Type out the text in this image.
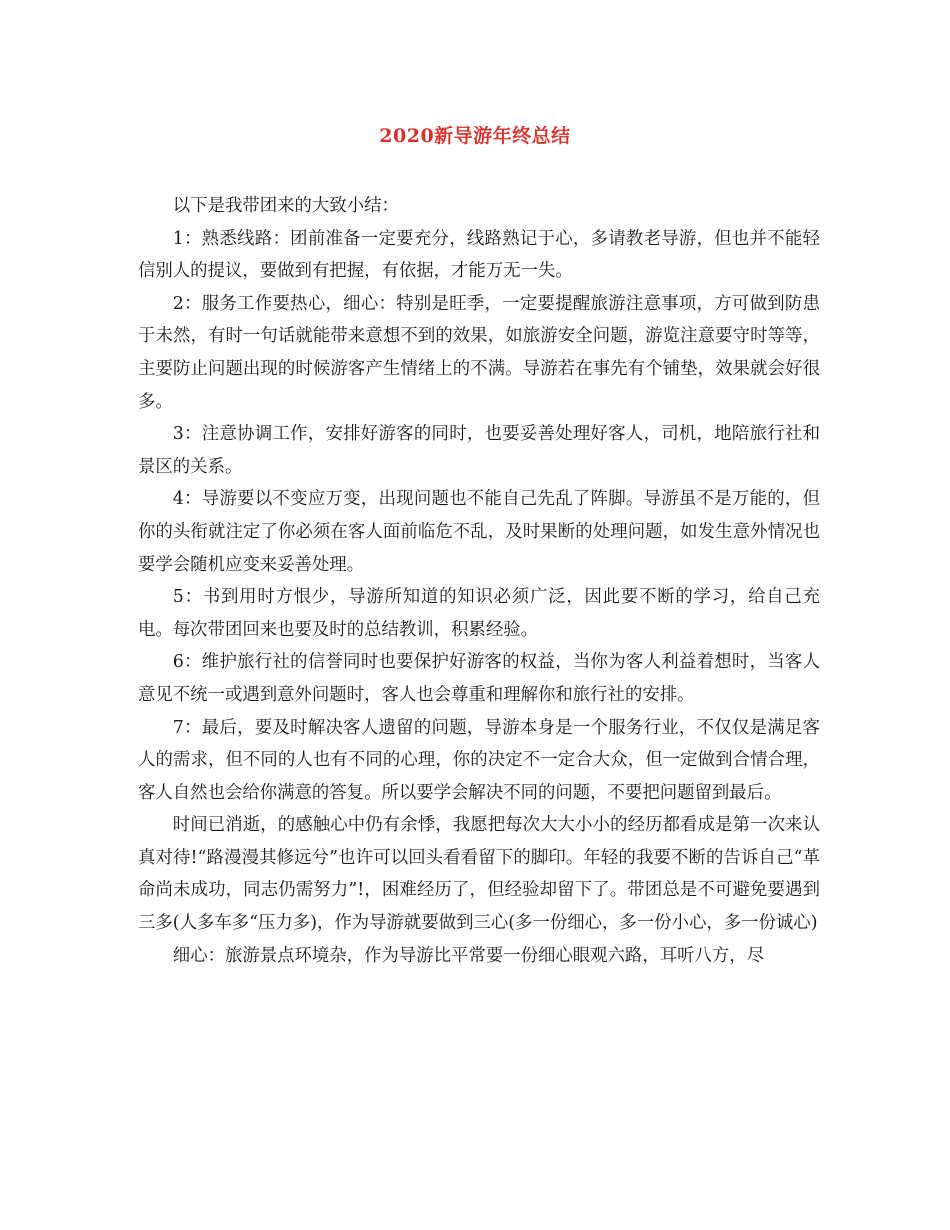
2020新导游年终总结

以下是我带团来的大致小结：

1：熟悉线路：团前准备一定要充分，线路熟记于心，多请教老导游，但也并不能轻信别人的提议，要做到有把握，有依据，才能万无一失。

2：服务工作要热心，细心：特别是旺季，一定要提醒旅游注意事项，方可做到防患于未然，有时一句话就能带来意想不到的效果，如旅游安全问题，游览注意要守时等等，主要防止问题出现的时候游客产生情绪上的不满。导游若在事先有个铺垫，效果就会好很多。

3：注意协调工作，安排好游客的同时，也要妥善处理好客人，司机，地陪旅行社和景区的关系。

4：导游要以不变应万变，出现问题也不能自己先乱了阵脚。导游虽不是万能的，但你的头衔就注定了你必须在客人面前临危不乱，及时果断的处理问题，如发生意外情况也要学会随机应变来妥善处理。

5：书到用时方恨少，导游所知道的知识必须广泛，因此要不断的学习，给自己充电。每次带团回来也要及时的总结教训，积累经验。

6：维护旅行社的信誉同时也要保护好游客的权益，当你为客人利益着想时，当客人意见不统一或遇到意外问题时，客人也会尊重和理解你和旅行社的安排。

7：最后，要及时解决客人遗留的问题，导游本身是一个服务行业，不仅仅是满足客人的需求，但不同的人也有不同的心理，你的决定不一定合大众，但一定做到合情合理，客人自然也会给你满意的答复。所以要学会解决不同的问题，不要把问题留到最后。

时间已消逝，的感触心中仍有余悸，我愿把每次大大小小的经历都看成是第一次来认真对待!“路漫漫其修远兮”也许可以回头看看留下的脚印。年轻的我要不断的告诉自己“革命尚未成功，同志仍需努力”!，困难经历了，但经验却留下了。带团总是不可避免要遇到三多(人多车多“压力多)，作为导游就要做到三心(多一份细心，多一份小心，多一份诚心)

细心：旅游景点环境杂，作为导游比平常要一份细心眼观六路，耳听八方，尽
